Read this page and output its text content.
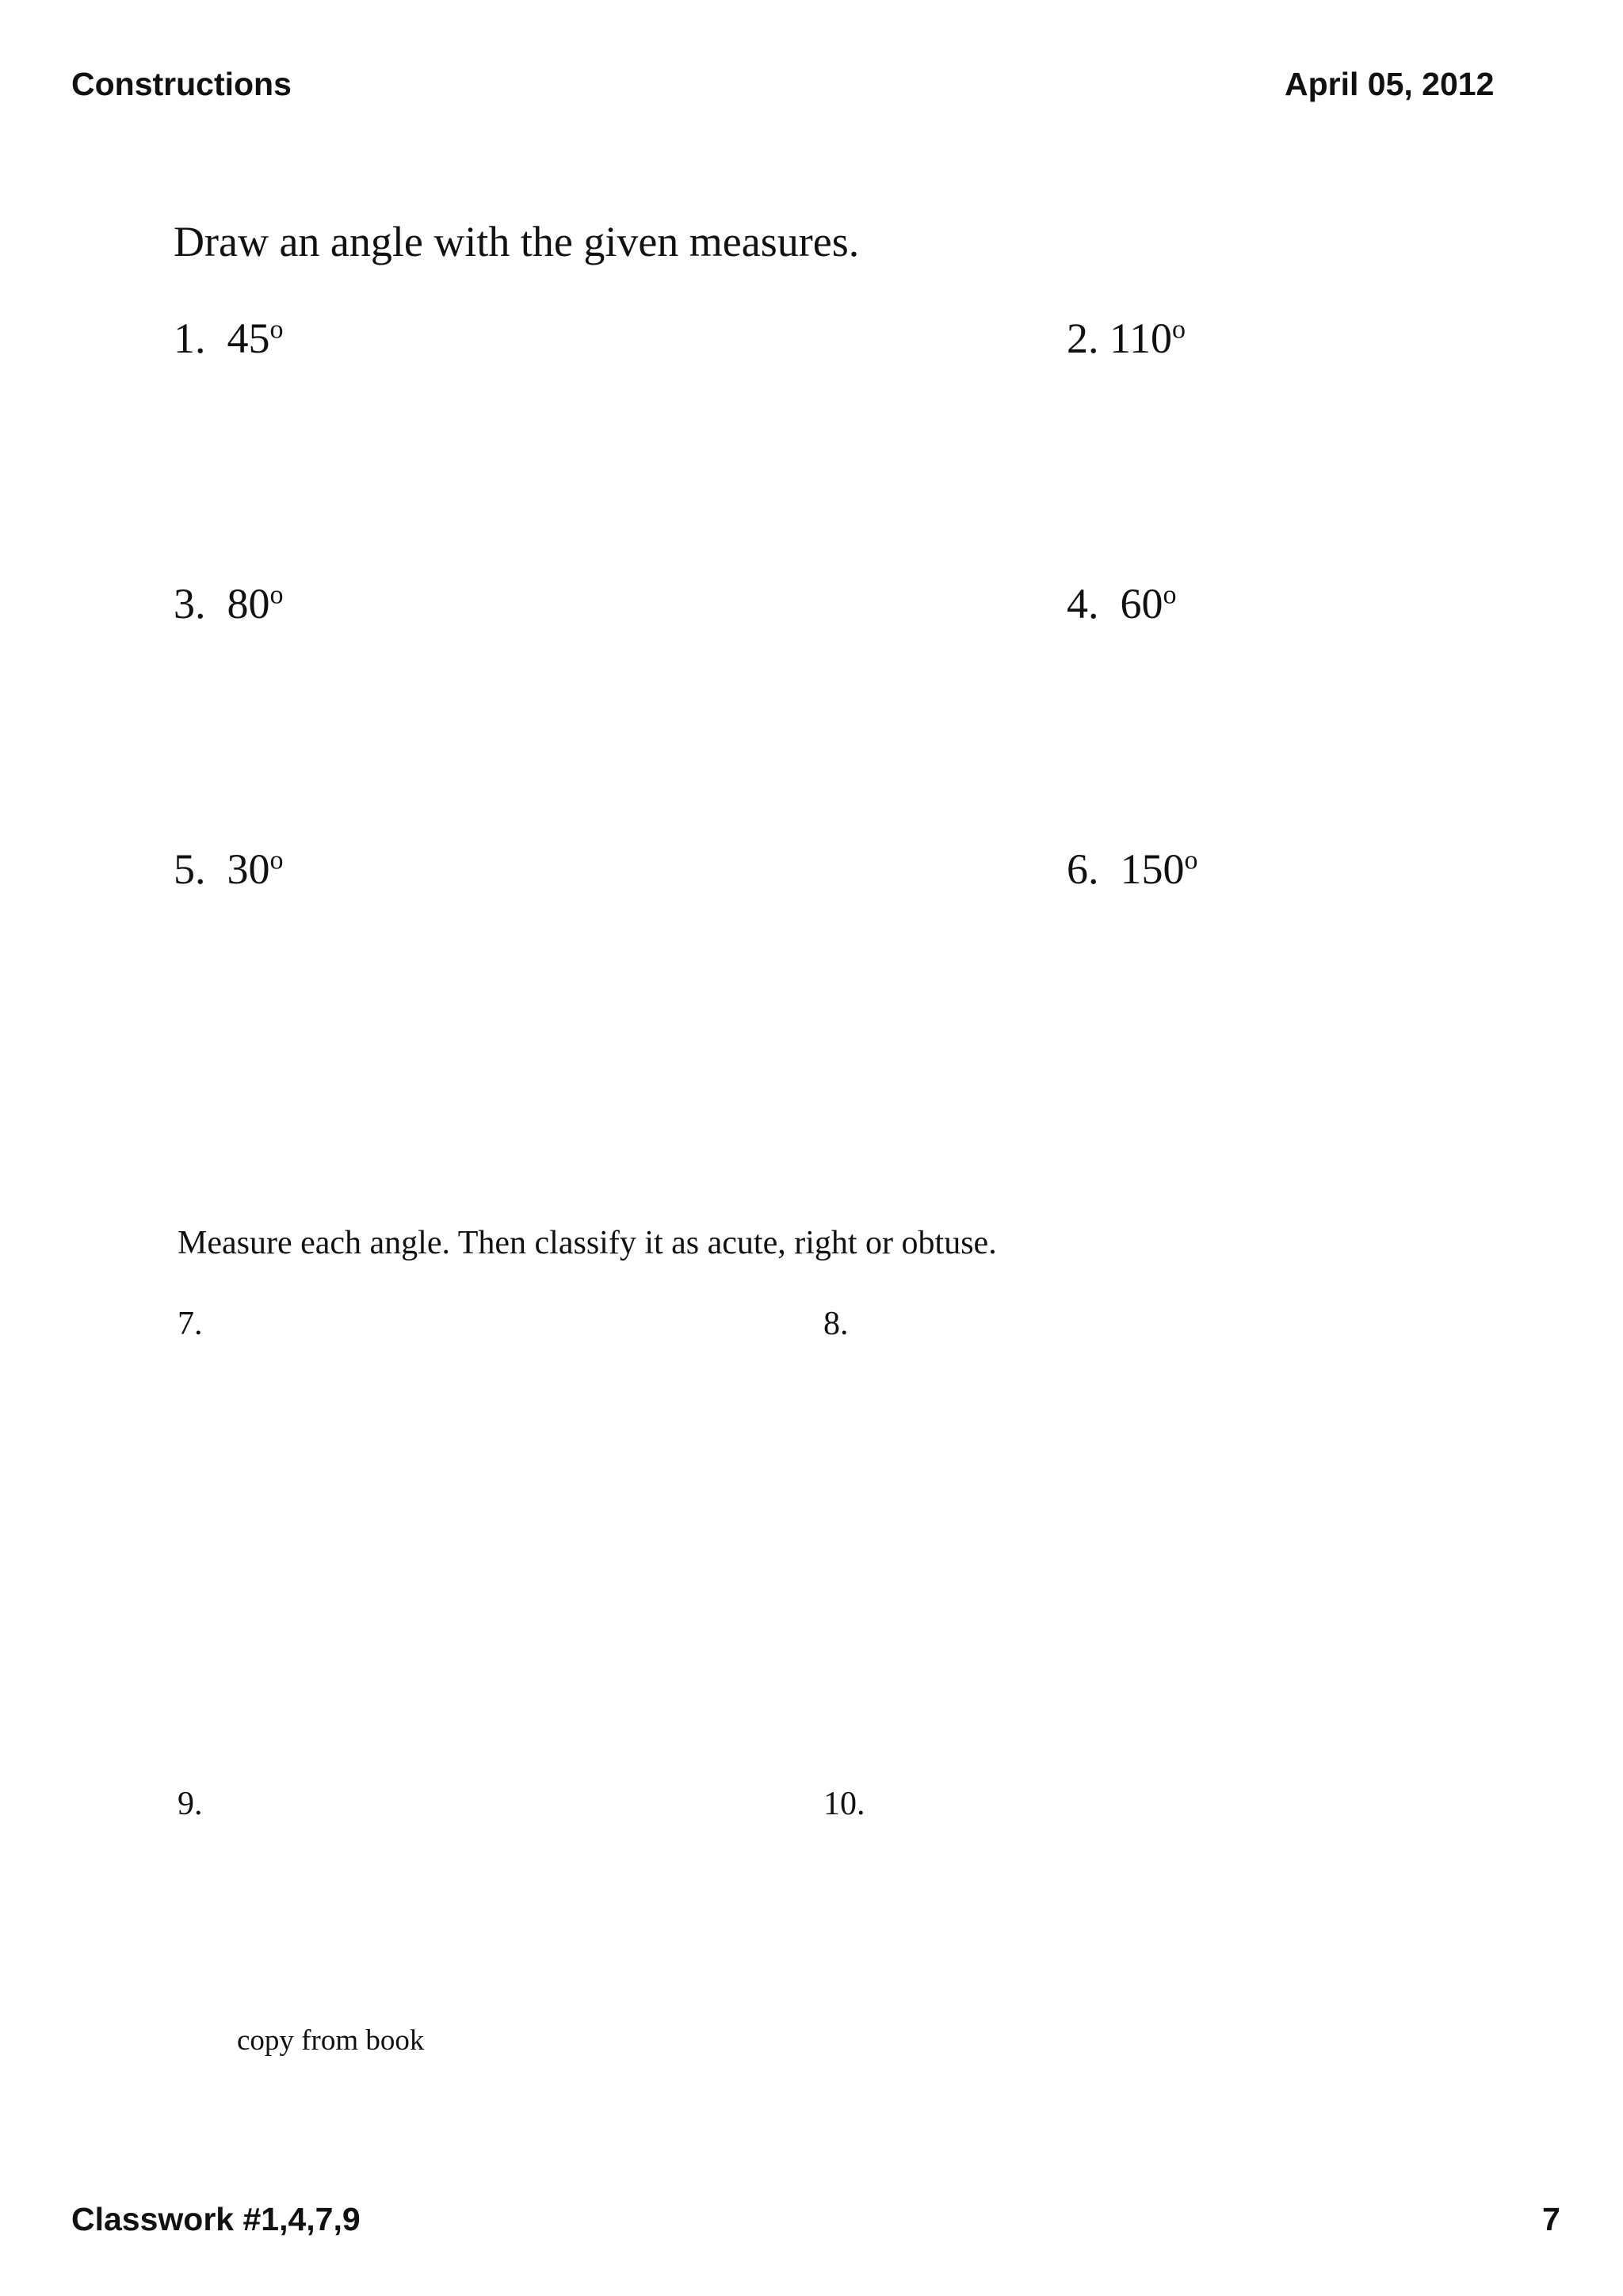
Constructions	April 05, 2012
Draw an angle with the given measures.
1. 45$^o$	2. 110$^o$
3. 80$^o$	4. 60$^o$
5. 30$^o$	6. 150$^o$
Measure each angle. Then classify it as acute, right or obtuse.
7.	8.
9.	10.
copy from book
Classwork #1,4,7,9	7
